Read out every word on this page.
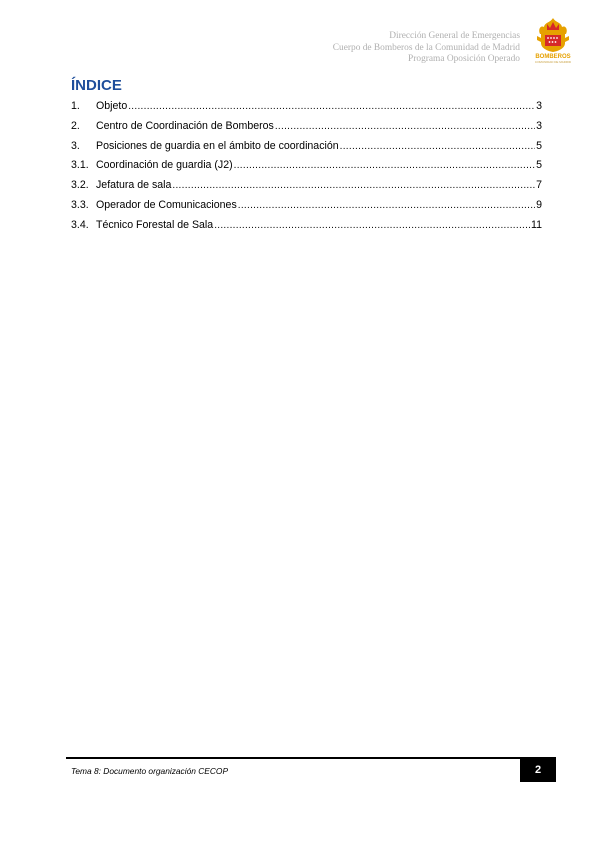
Dirección General de Emergencias
Cuerpo de Bomberos de la Comunidad de Madrid
Programa Oposición Operado	BOMBEROS
COMUNIDAD DE MADRID
ÍNDICE
1.	Objeto .....	3
2.	Centro de Coordinación de Bomberos .....	3
3.	Posiciones de guardia en el ámbito de coordinación .....	5
3.1. Coordinación de guardia (J2) .....	5
3.2. Jefatura de sala .....	7
3.3. Operador de Comunicaciones .....	9
3.4. Técnico Forestal de Sala .....	11
Tema 8: Documento organización CECOP	2
